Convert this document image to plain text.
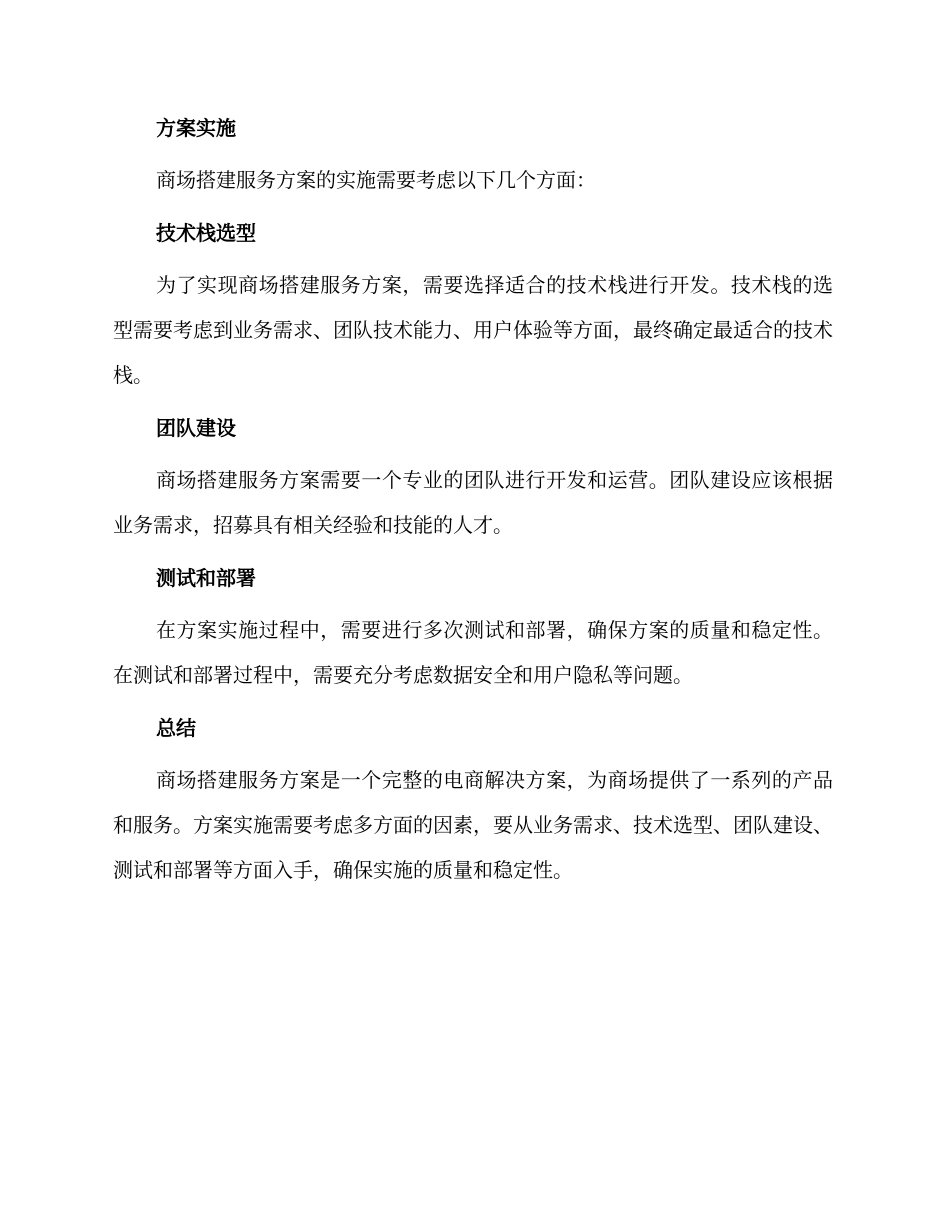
方案实施

商场搭建服务方案的实施需要考虑以下几个方面：

技术栈选型

为了实现商场搭建服务方案，需要选择适合的技术栈进行开发。技术栈的选型需要考虑到业务需求、团队技术能力、用户体验等方面，最终确定最适合的技术栈。

团队建设

商场搭建服务方案需要一个专业的团队进行开发和运营。团队建设应该根据业务需求，招募具有相关经验和技能的人才。

测试和部署

在方案实施过程中，需要进行多次测试和部署，确保方案的质量和稳定性。在测试和部署过程中，需要充分考虑数据安全和用户隐私等问题。

总结

商场搭建服务方案是一个完整的电商解决方案，为商场提供了一系列的产品和服务。方案实施需要考虑多方面的因素，要从业务需求、技术选型、团队建设、测试和部署等方面入手，确保实施的质量和稳定性。
